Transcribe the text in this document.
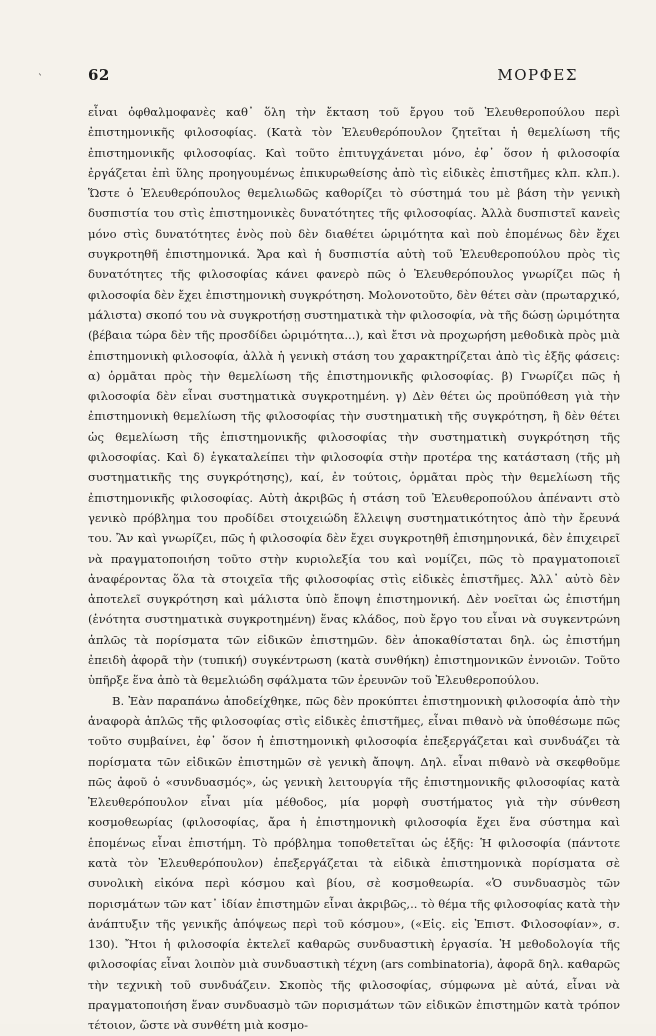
`	62	ΜΟΡΦΕΣ

εἶναι ὀφθαλμοφανὲς καθ᾿ ὅλη τὴν ἔκταση τοῦ ἔργου τοῦ Ἐλευθεροπούλου περὶ ἐπιστημονικῆς φιλοσοφίας. (Κατὰ τὸν Ἐλευθερόπουλον ζητεῖται ἡ θεμελίωση τῆς ἐπιστημονικῆς φιλοσοφίας. Καὶ τοῦτο ἐπιτυγχάνεται μόνο, ἐφ᾿ ὅσον ἡ φιλοσοφία ἐργάζεται ἐπὶ ὕλης προηγουμένως ἐπικυρωθείσης ἀπὸ τὶς εἰδικὲς ἐπιστῆμες κλπ. κλπ.). Ὥστε ὁ Ἐλευθερόπουλος θεμελιωδῶς καθορίζει τὸ σύστημά του μὲ βάση τὴν γενικὴ δυσπιστία του στὶς ἐπιστημονικὲς δυνατότητες τῆς φιλοσοφίας. Ἀλλὰ δυσπιστεῖ κανεὶς μόνο στὶς δυνατότητες ἑνὸς ποὺ δὲν διαθέτει ὡριμότητα καὶ ποὺ ἑπομένως δὲν ἔχει συγκροτηθῆ ἐπιστημονικά. Ἄρα καὶ ἡ δυσπιστία αὐτὴ τοῦ Ἐλευθεροπούλου πρὸς τὶς δυνατότητες τῆς φιλοσοφίας κάνει φανερὸ πῶς ὁ Ἐλευθερόπουλος γνωρίζει πῶς ἡ φιλοσοφία δὲν ἔχει ἐπιστημονικὴ συγκρότηση. Μολονοτοῦτο, δὲν θέτει σὰν (πρωταρχικό, μάλιστα) σκοπό του νὰ συγκροτήσῃ συστηματικὰ τὴν φιλοσοφία, νὰ τῆς δώσῃ ὡριμότητα (βέβαια τώρα δὲν τῆς προσδίδει ὡριμότητα...), καὶ ἔτσι νὰ προχωρήση μεθοδικὰ πρὸς μιὰ ἐπιστημονικὴ φιλοσοφία, ἀλλὰ ἡ γενικὴ στάση του χαρακτηρίζεται ἀπὸ τὶς ἑξῆς φάσεις: α) ὁρμᾶται πρὸς τὴν θεμελίωση τῆς ἐπιστημονικῆς φιλοσοφίας. β) Γνωρίζει πῶς ἡ φιλοσοφία δὲν εἶναι συστηματικὰ συγκροτημένη. γ) Δὲν θέτει ὡς προϋπόθεση γιὰ τὴν ἐπιστημονικὴ θεμελίωση τῆς φιλοσοφίας τὴν συστηματικὴ τῆς συγκρότηση, ἢ δὲν θέτει ὡς θεμελίωση τῆς ἐπιστημονικῆς φιλοσοφίας τὴν συστηματικὴ συγκρότηση τῆς φιλοσοφίας. Καὶ δ) ἐγκαταλείπει τὴν φιλοσοφία στὴν προτέρα της κατάσταση (τῆς μὴ συστηματικῆς της συγκρότησης), καί, ἐν τούτοις, ὁρμᾶται πρὸς τὴν θεμελίωση τῆς ἐπιστημονικῆς φιλοσοφίας. Αὐτὴ ἀκριβῶς ἡ στάση τοῦ Ἐλευθεροπούλου ἀπέναντι στὸ γενικὸ πρόβλημα του προδίδει στοιχειώδη ἔλλειψη συστηματικότητος ἀπὸ τὴν ἔρευνά του. Ἂν καὶ γνωρίζει, πῶς ἡ φιλοσοφία δὲν ἔχει συγκροτηθῆ ἐπισημηονικά, δὲν ἐπιχειρεῖ νὰ πραγματοποιήση τοῦτο στὴν κυριολεξία του καὶ νομίζει, πῶς τὸ πραγματοποιεῖ ἀναφέροντας ὅλα τὰ στοιχεῖα τῆς φιλοσοφίας στὶς εἰδικὲς ἐπιστῆμες. Ἀλλ᾿ αὐτὸ δὲν ἀποτελεῖ συγκρότηση καὶ μάλιστα ὑπὸ ἔποψη ἐπιστημονική. Δὲν νοεῖται ὡς ἐπιστήμη (ἑνότητα συστηματικὰ συγκροτημένη) ἕνας κλάδος, ποὺ ἔργο του εἶναι νὰ συγκεντρώνη ἁπλῶς τὰ πορίσματα τῶν εἰδικῶν ἐπιστημῶν. δὲν ἀποκαθίσταται δηλ. ὡς ἐπιστήμη ἐπειδὴ ἀφορᾶ τὴν (τυπική) συγκέντρωση (κατὰ συνθήκη) ἐπιστημονικῶν ἐννοιῶν. Τοῦτο ὑπῆρξε ἕνα ἀπὸ τὰ θεμελιώδη σφάλματα τῶν ἐρευνῶν τοῦ Ἐλευθεροπούλου.

Β. Ἐὰν παραπάνω ἀποδείχθηκε, πῶς δὲν προκύπτει ἐπιστημονικὴ φιλοσοφία ἀπὸ τὴν ἀναφορὰ ἁπλῶς τῆς φιλοσοφίας στὶς εἰδικὲς ἐπιστῆμες, εἶναι πιθανὸ νὰ ὑποθέσωμε πῶς τοῦτο συμβαίνει, ἐφ᾿ ὅσον ἡ ἐπιστημονικὴ φιλοσοφία ἐπεξεργάζεται καὶ συνδυάζει τὰ πορίσματα τῶν εἰδικῶν ἐπιστημῶν σὲ γενικὴ ἄποψη. Δηλ. εἶναι πιθανὸ νὰ σκεφθοῦμε πῶς ἀφοῦ ὁ «συνδυασμός», ὡς γενικὴ λειτουργία τῆς ἐπιστημονικῆς φιλοσοφίας κατὰ Ἐλευθερόπουλον εἶναι μία μέθοδος, μία μορφὴ συστήματος γιὰ τὴν σύνθεση κοσμοθεωρίας (φιλοσοφίας, ἄρα ἡ ἐπιστημονικὴ φιλοσοφία ἔχει ἕνα σύστημα καὶ ἑπομένως εἶναι ἐπιστήμη. Τὸ πρόβλημα τοποθετεῖται ὡς ἑξῆς: Ἡ φιλοσοφία (πάντοτε κατὰ τὸν Ἐλευθερόπουλον) ἐπεξεργάζεται τὰ εἰδικὰ ἐπιστημονικὰ πορίσματα σὲ συνολικὴ εἰκόνα περὶ κόσμου καὶ βίου, σὲ κοσμοθεωρία. «Ὁ συνδυασμὸς τῶν πορισμάτων τῶν κατ᾿ ἰδίαν ἐπιστημῶν εἶναι ἀκριβῶς,.. τὸ θέμα τῆς φιλοσοφίας κατὰ τὴν ἀνάπτυξιν τῆς γενικῆς ἀπόψεως περὶ τοῦ κόσμου», («Εἰς. εἰς Ἐπιστ. Φιλοσοφίαν», σ. 130). Ἤτοι ἡ φιλοσοφία ἐκτελεῖ καθαρῶς συνδυαστικὴ ἐργασία. Ἡ μεθοδολογία τῆς φιλοσοφίας εἶναι λοιπὸν μιὰ συνδυαστικὴ τέχνη (ars combinatoria), ἀφορᾶ δηλ. καθαρῶς τὴν τεχνικὴ τοῦ συνδυάζειν. Σκοπὸς τῆς φιλοσοφίας, σύμφωνα μὲ αὐτά, εἶναι νὰ πραγματοποιήση ἕναν συνδυασμὸ τῶν πορισμάτων τῶν εἰδικῶν ἐπιστημῶν κατὰ τρόπον τέτοιον, ὥστε νὰ συνθέτη μιὰ κοσμο-
